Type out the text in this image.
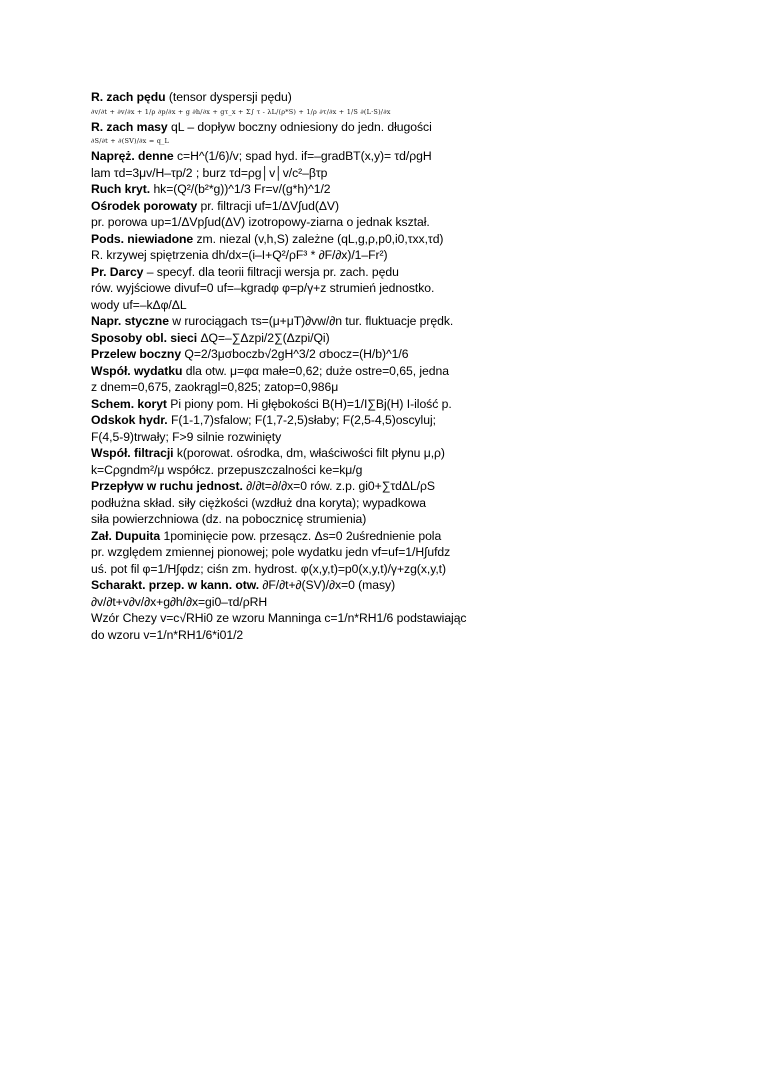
R. zach pędu (tensor dyspersji pędu)
∂v/∂t + ∂v/∂x + 1/ρ ∂p/∂x + g ∂h/∂x + gτ_x + Σ∫ τ - λL/(ρ*S) + 1/ρ ∂τ/∂x + 1/S ∂(L·S)/∂x
R. zach masy qL – dopływ boczny odniesiony do jedn. długości
∂S/∂t + ∂(SV)/∂x = q_L
Napręż. denne c=H^(1/6)/v; spad hyd. if=–gradBT(x,y)= τd/ρgH
lam τd=3μv/H–τp/2 ; burz τd=ρg│v│v/c²–βτp
Ruch kryt. hk=(Q²/(b²*g))^1/3 Fr=v/(g*h)^1/2
Ośrodek porowaty pr. filtracji uf=1/ΔV∫ud(ΔV)
pr. porowa up=1/ΔVp∫ud(ΔV) izotropowy-ziarna o jednak kształ.
Pods. niewiadone zm. niezal (v,h,S) zależne (qL,g,ρ,p0,i0,τxx,τd)
R. krzywej spiętrzenia dh/dx=(i–I+Q²/ρF³ * ∂F/∂x)/1–Fr²)
Pr. Darcy – specyf. dla teorii filtracji wersja pr. zach. pędu
rów. wyjściowe divuf=0 uf=–kgradφ φ=p/γ+z strumień jednostko.
wody uf=–kΔφ/ΔL
Napr. styczne w rurociągach τs=(μ+μT)∂vw/∂n tur. fluktuacje prędk.
Sposoby obl. sieci ΔQ=–∑Δzpi/2∑(Δzpi/Qi)
Przelew boczny Q=2/3μσboczb√2gH^3/2 σbocz=(H/b)^1/6
Współ. wydatku dla otw. μ=φα małe=0,62; duże ostre=0,65, jedna
z dnem=0,675, zaokrągl=0,825; zatop=0,986μ
Schem. koryt Pi piony pom. Hi głębokości B(H)=1/I∑Bj(H) I-ilość p.
Odskok hydr. F(1-1,7)sfalow; F(1,7-2,5)słaby; F(2,5-4,5)oscyluj;
F(4,5-9)trwały; F>9 silnie rozwinięty
Współ. filtracji k(porowat. ośrodka, dm, właściwości filt płynu μ,ρ)
k=Cρgndm²/μ współcz. przepuszczalności ke=kμ/g
Przepływ w ruchu jednost. ∂/∂t=∂/∂x=0 rów. z.p. gi0+∑τdΔL/ρS
podłużna skład. siły ciężkości (wzdłuż dna koryta); wypadkowa
siła powierzchniowa (dz. na pobocznicę strumienia)
Zał. Dupuita 1pominięcie pow. przesącz. Δs=0 2uśrednienie pola
pr. względem zmiennej pionowej; pole wydatku jedn vf=uf=1/H∫ufdz
uś. pot fil φ=1/H∫φdz; ciśn zm. hydrost. φ(x,y,t)=p0(x,y,t)/γ+zg(x,y,t)
Scharakt. przep. w kann. otw. ∂F/∂t+∂(SV)/∂x=0 (masy)
∂v/∂t+v∂v/∂x+g∂h/∂x=gi0–τd/ρRH
Wzór Chezy v=c√RHi0 ze wzoru Manninga c=1/n*RH1/6 podstawiając
do wzoru v=1/n*RH1/6*i01/2
